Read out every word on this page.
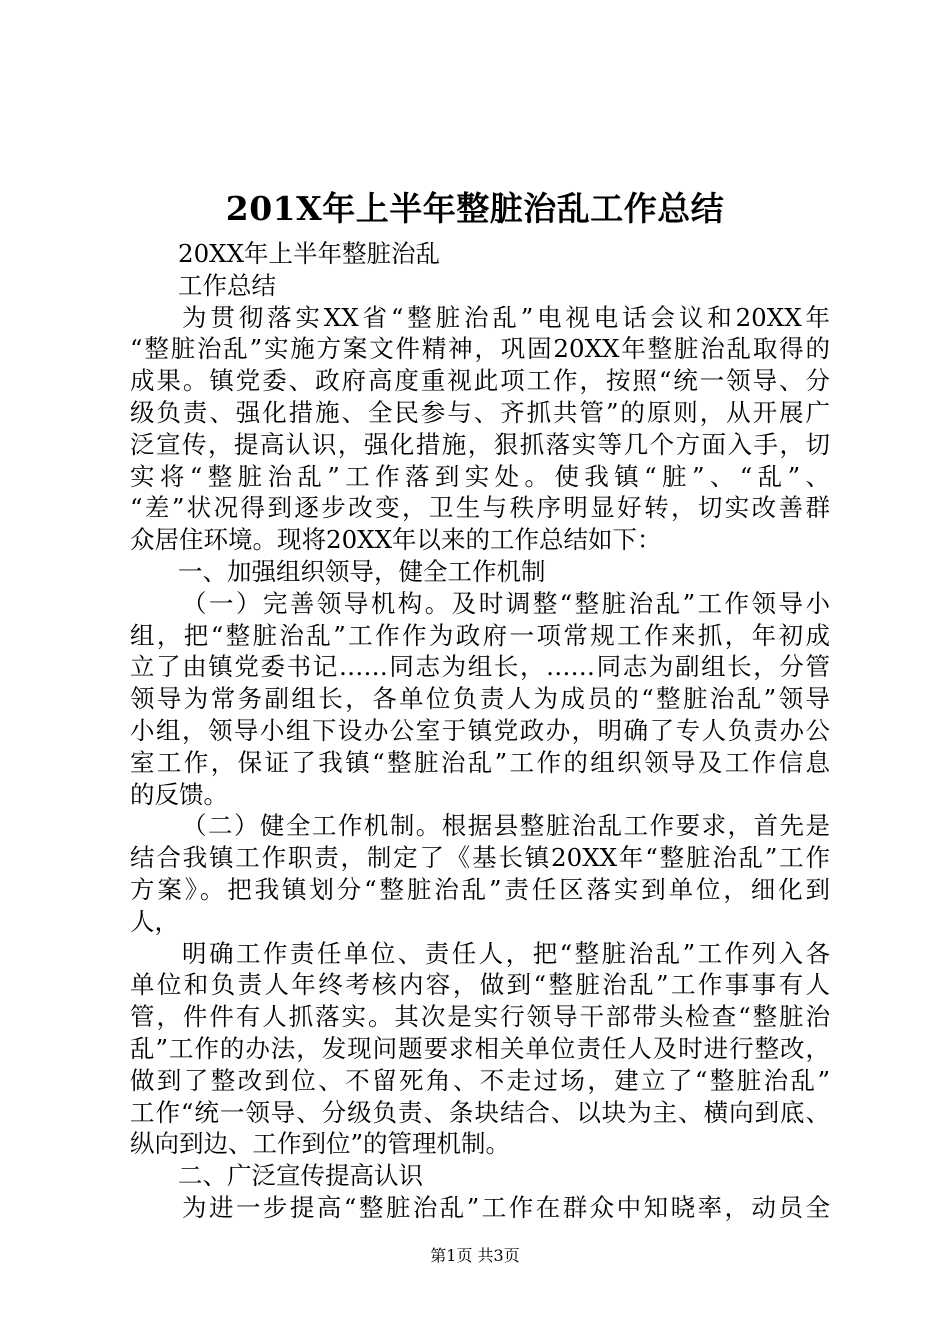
201X年上半年整脏治乱工作总结
20XX年上半年整脏治乱
工作总结
为贯彻落实XX省“整脏治乱”电视电话会议和20XX年
“整脏治乱”实施方案文件精神，巩固20XX年整脏治乱取得的
成果。镇党委、政府高度重视此项工作，按照“统一领导、分
级负责、强化措施、全民参与、齐抓共管”的原则，从开展广
泛宣传，提高认识，强化措施，狠抓落实等几个方面入手，切
实将“整脏治乱”工作落到实处。使我镇“脏”、“乱”、
“差”状况得到逐步改变，卫生与秩序明显好转，切实改善群
众居住环境。现将20XX年以来的工作总结如下：
一、加强组织领导，健全工作机制
（一）完善领导机构。及时调整“整脏治乱”工作领导小
组，把“整脏治乱”工作作为政府一项常规工作来抓，年初成
立了由镇党委书记……同志为组长，……同志为副组长，分管
领导为常务副组长，各单位负责人为成员的“整脏治乱”领导
小组，领导小组下设办公室于镇党政办，明确了专人负责办公
室工作，保证了我镇“整脏治乱”工作的组织领导及工作信息
的反馈。
（二）健全工作机制。根据县整脏治乱工作要求，首先是
结合我镇工作职责，制定了《基长镇20XX年“整脏治乱”工作
方案》。把我镇划分“整脏治乱”责任区落实到单位，细化到
人，
明确工作责任单位、责任人，把“整脏治乱”工作列入各
单位和负责人年终考核内容，做到“整脏治乱”工作事事有人
管，件件有人抓落实。其次是实行领导干部带头检查“整脏治
乱”工作的办法，发现问题要求相关单位责任人及时进行整改，
做到了整改到位、不留死角、不走过场，建立了“整脏治乱”
工作“统一领导、分级负责、条块结合、以块为主、横向到底、
纵向到边、工作到位”的管理机制。
二、广泛宣传提高认识
为进一步提高“整脏治乱”工作在群众中知晓率，动员全
第1页 共3页
